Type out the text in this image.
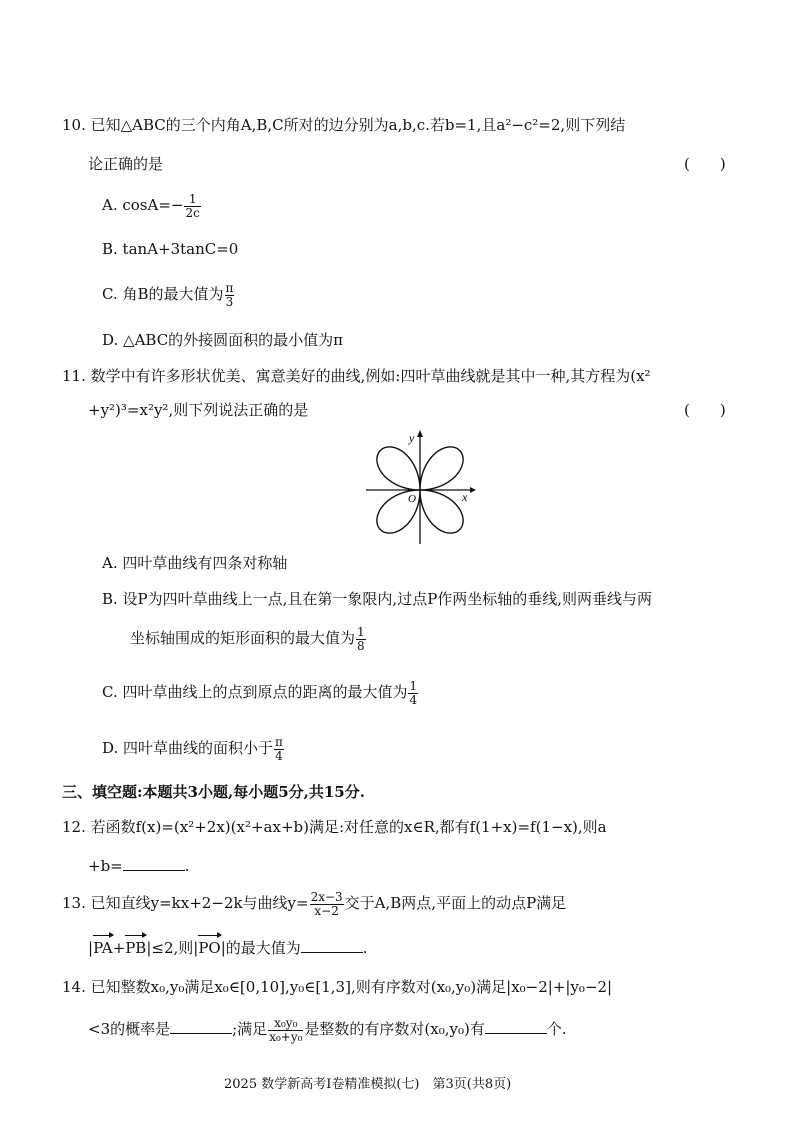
10. 已知△ABC的三个内角A,B,C所对的边分别为a,b,c.若b=1,且a²−c²=2,则下列结
论正确的是	(　　)
A. $\cos A=- \frac{1}{2c}$
B. tanA+3tanC=0
C. 角B的最大值为 $\frac{\pi}{3}$
D. △ABC的外接圆面积的最小值为π
11. 数学中有许多形状优美、寓意美好的曲线,例如:四叶草曲线就是其中一种,其方程为(x²
+y²)³=x²y²,则下列说法正确的是	(　　)
y
x
O
A. 四叶草曲线有四条对称轴
B. 设P为四叶草曲线上一点,且在第一象限内,过点P作两坐标轴的垂线,则两垂线与两
坐标轴围成的矩形面积的最大值为 $\frac{1}{8}$
C. 四叶草曲线上的点到原点的距离的最大值为 $\frac{1}{4}$
D. 四叶草曲线的面积小于 $\frac{\pi}{4}$
三、填空题:本题共3小题,每小题5分,共15分.
12. 若函数f(x)=(x²+2x)(x²+ax+b)满足:对任意的x∈R,都有f(1+x)=f(1−x),则a
+b=	.
13. 已知直线y=kx+2−2k与曲线$y= \frac{2x-3}{x-2}$ 交于A,B两点,平面上的动点P满足
|
PA+
PB|≤2,则|
PO|的最大值为	.
14. 已知整数x₀,y₀满足x₀∈[0,10],y₀∈[1,3],则有序数对(x₀,y₀)满足|x₀−2|+|y₀−2|
<3的概率是	;满足 $\frac{\text{x₀y₀}}{\text{x₀+y₀}}$ 是整数的有序数对(x₀,y₀)有	个.
2025 数学新高考Ⅰ卷精准模拟(七)　第3页(共8页)
